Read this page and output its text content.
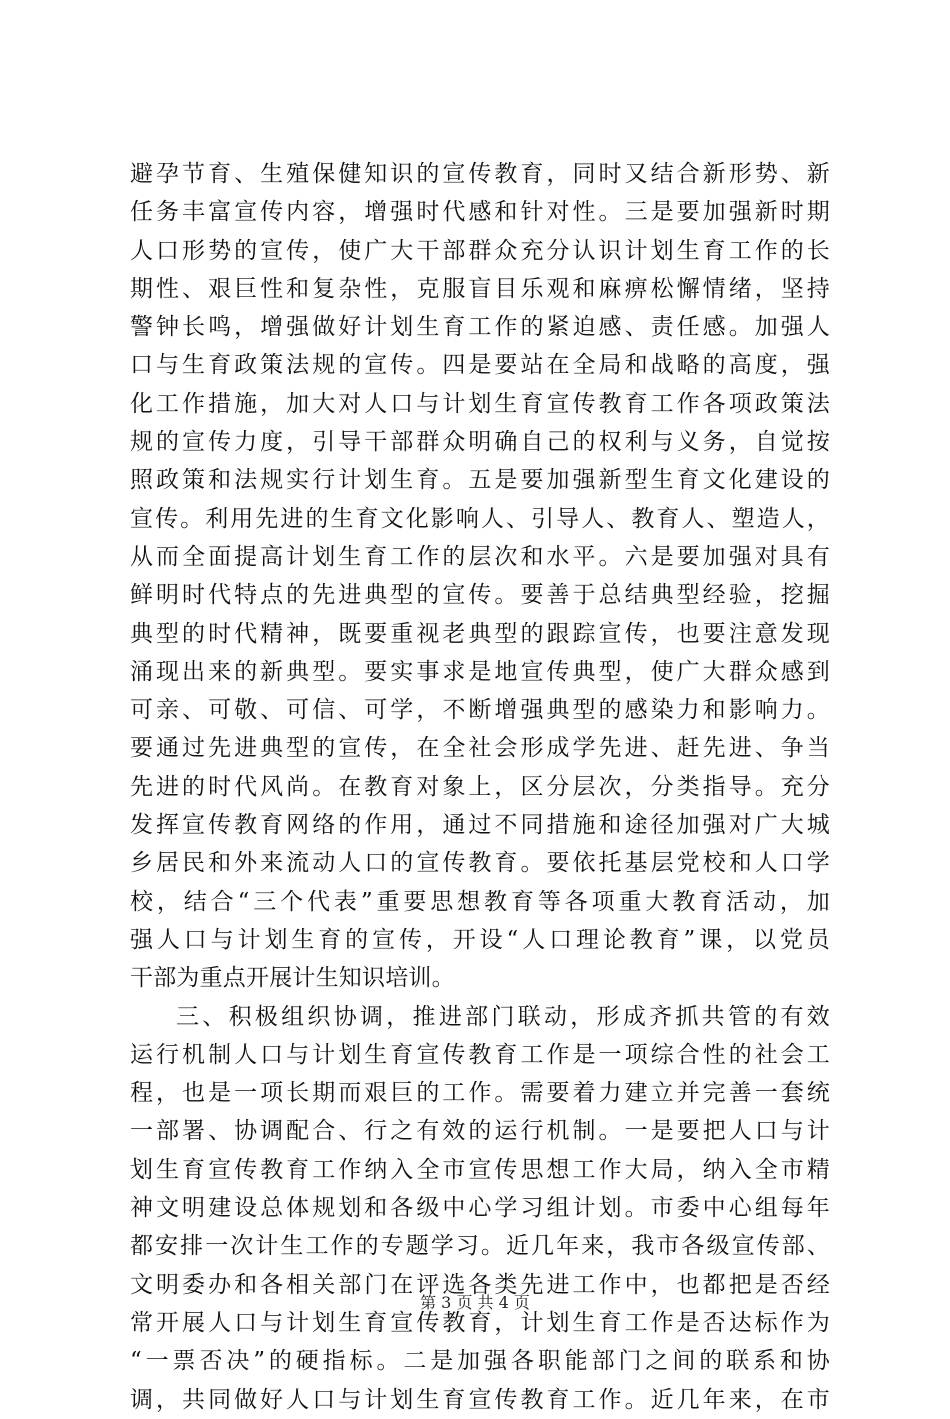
避孕节育、生殖保健知识的宣传教育，同时又结合新形势、新
任务丰富宣传内容，增强时代感和针对性。三是要加强新时期
人口形势的宣传，使广大干部群众充分认识计划生育工作的长
期性、艰巨性和复杂性，克服盲目乐观和麻痹松懈情绪，坚持
警钟长鸣，增强做好计划生育工作的紧迫感、责任感。加强人
口与生育政策法规的宣传。四是要站在全局和战略的高度，强
化工作措施，加大对人口与计划生育宣传教育工作各项政策法
规的宣传力度，引导干部群众明确自己的权利与义务，自觉按
照政策和法规实行计划生育。五是要加强新型生育文化建设的
宣传。利用先进的生育文化影响人、引导人、教育人、塑造人，
从而全面提高计划生育工作的层次和水平。六是要加强对具有
鲜明时代特点的先进典型的宣传。要善于总结典型经验，挖掘
典型的时代精神，既要重视老典型的跟踪宣传，也要注意发现
涌现出来的新典型。要实事求是地宣传典型，使广大群众感到
可亲、可敬、可信、可学，不断增强典型的感染力和影响力。
要通过先进典型的宣传，在全社会形成学先进、赶先进、争当
先进的时代风尚。在教育对象上，区分层次，分类指导。充分
发挥宣传教育网络的作用，通过不同措施和途径加强对广大城
乡居民和外来流动人口的宣传教育。要依托基层党校和人口学
校，结合“三个代表”重要思想教育等各项重大教育活动，加
强人口与计划生育的宣传，开设“人口理论教育”课，以党员
干部为重点开展计生知识培训。
三、积极组织协调，推进部门联动，形成齐抓共管的有效
运行机制人口与计划生育宣传教育工作是一项综合性的社会工
程，也是一项长期而艰巨的工作。需要着力建立并完善一套统
一部署、协调配合、行之有效的运行机制。一是要把人口与计
划生育宣传教育工作纳入全市宣传思想工作大局，纳入全市精
神文明建设总体规划和各级中心学习组计划。市委中心组每年
都安排一次计生工作的专题学习。近几年来，我市各级宣传部、
文明委办和各相关部门在评选各类先进工作中，也都把是否经
常开展人口与计划生育宣传教育，计划生育工作是否达标作为
“一票否决”的硬指标。二是加强各职能部门之间的联系和协
调，共同做好人口与计划生育宣传教育工作。近几年来，在市
第 3 页 共 4 页
